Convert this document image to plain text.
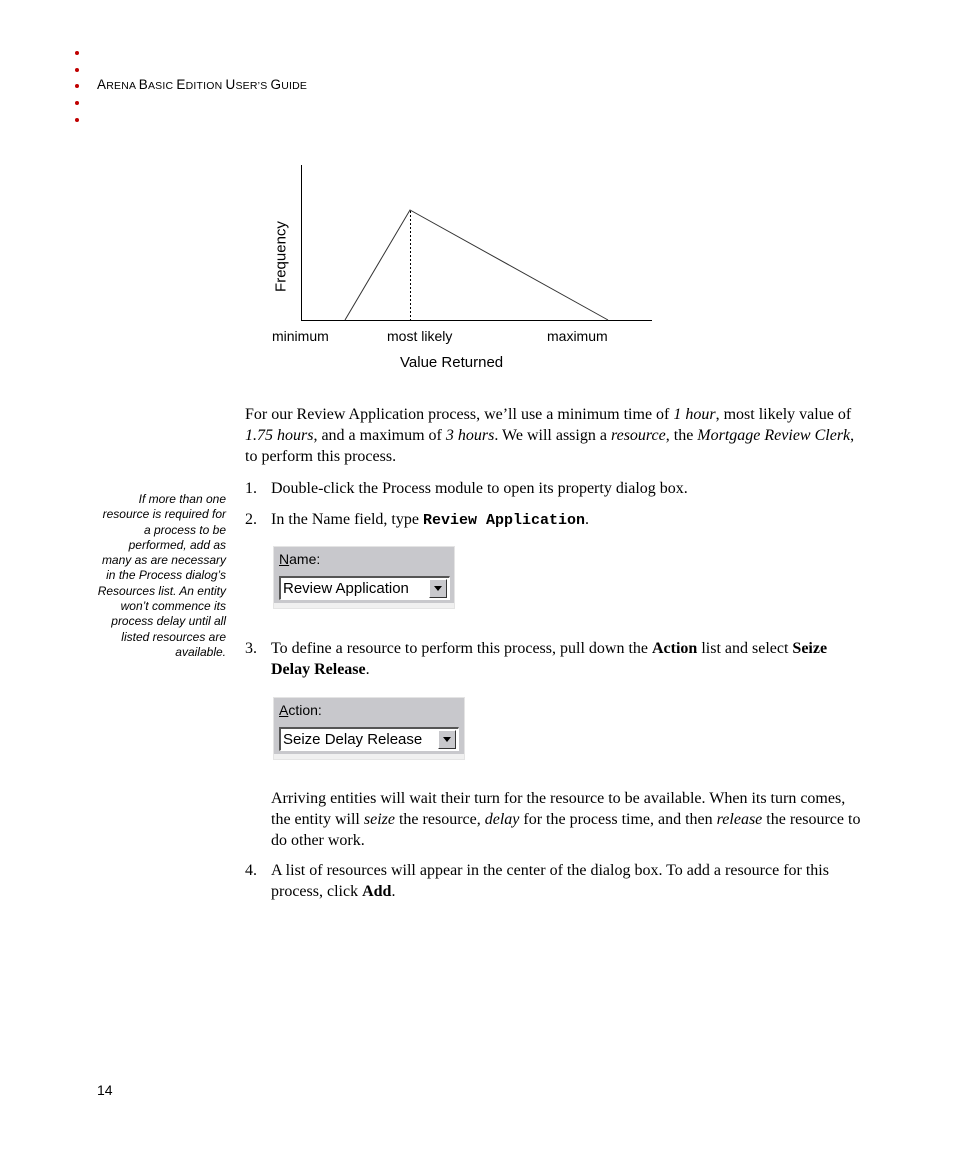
ARENA BASIC EDITION USER’S GUIDE
minimum	most likely	maximum
Value Returned
Frequency
For our Review Application process, we’ll use a minimum time of 1 hour, most likely value of 1.75 hours, and a maximum of 3 hours. We will assign a resource, the Mortgage Review Clerk, to perform this process.
If more than one resource is required for a process to be performed, add as many as are necessary in the Process dialog’s Resources list. An entity won’t commence its process delay until all listed resources are available.
1. Double-click the Process module to open its property dialog box.
2. In the Name field, type Review Application.
Name:
Review Application
3. To define a resource to perform this process, pull down the Action list and select Seize Delay Release.
Action:
Seize Delay Release
Arriving entities will wait their turn for the resource to be available. When its turn comes, the entity will seize the resource, delay for the process time, and then release the resource to do other work.
4. A list of resources will appear in the center of the dialog box. To add a resource for this process, click Add.
14
